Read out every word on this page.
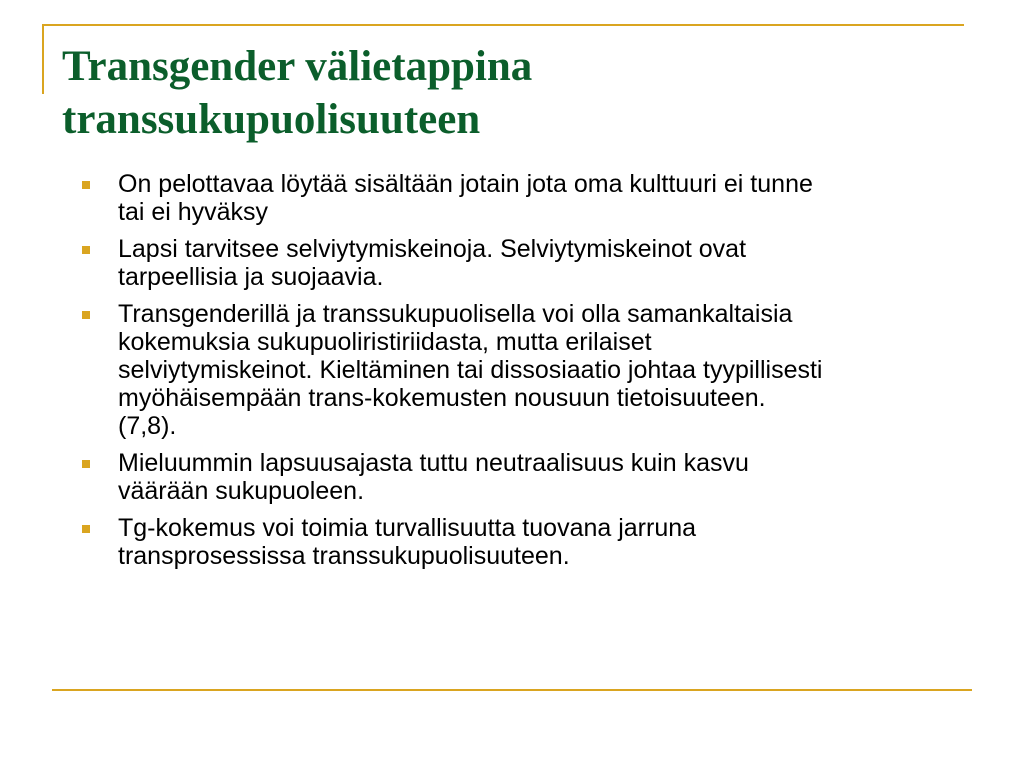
Transgender välietappina
transsukupuolisuuteen
On pelottavaa löytää sisältään jotain jota oma kulttuuri ei tunne
tai ei hyväksy
Lapsi tarvitsee selviytymiskeinoja. Selviytymiskeinot ovat
tarpeellisia ja suojaavia.
Transgenderillä ja transsukupuolisella voi olla samankaltaisia
kokemuksia sukupuoliristiriidasta, mutta erilaiset
selviytymiskeinot. Kieltäminen tai dissosiaatio johtaa tyypillisesti
myöhäisempään trans-kokemusten nousuun tietoisuuteen.
(7,8).
Mieluummin lapsuusajasta tuttu neutraalisuus kuin kasvu
väärään sukupuoleen.
Tg-kokemus voi toimia turvallisuutta tuovana jarruna
transprosessissa transsukupuolisuuteen.
